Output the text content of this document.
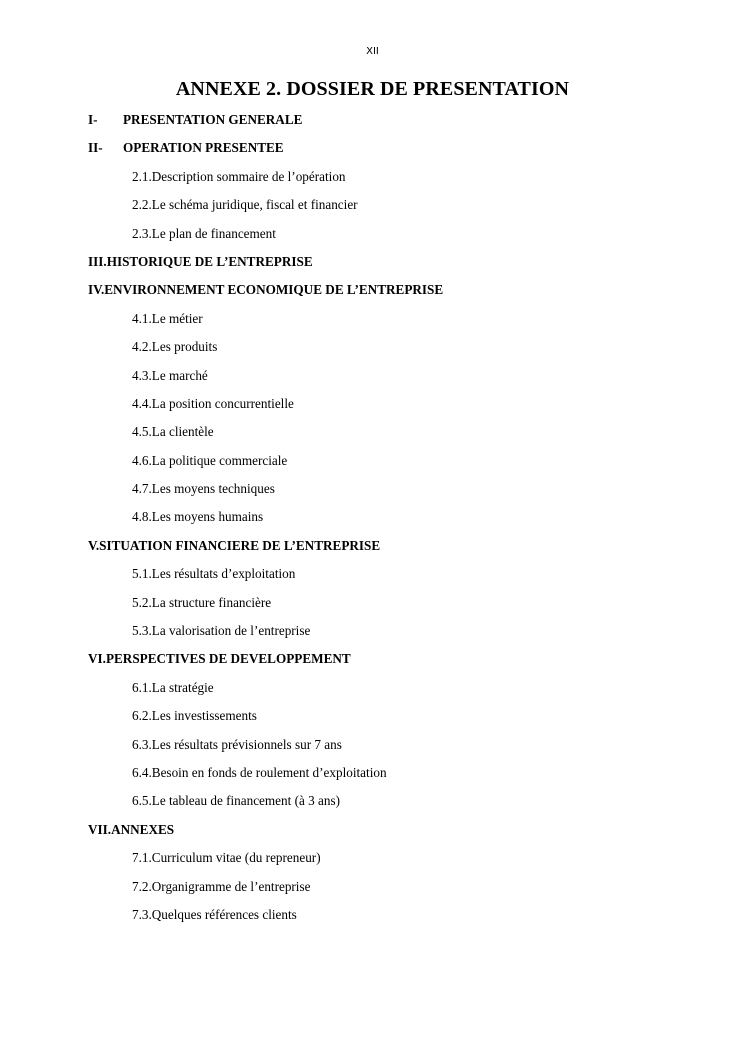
XII
ANNEXE 2. DOSSIER DE PRESENTATION
I- PRESENTATION GENERALE
II- OPERATION PRESENTEE
2.1.Description sommaire de l’opération
2.2.Le schéma juridique, fiscal et financier
2.3.Le plan de financement
III.HISTORIQUE DE L’ENTREPRISE
IV.ENVIRONNEMENT ECONOMIQUE DE L’ENTREPRISE
4.1.Le métier
4.2.Les produits
4.3.Le marché
4.4.La position concurrentielle
4.5.La clientèle
4.6.La politique commerciale
4.7.Les moyens techniques
4.8.Les moyens humains
V.SITUATION FINANCIERE DE L’ENTREPRISE
5.1.Les résultats d’exploitation
5.2.La structure financière
5.3.La valorisation de l’entreprise
VI.PERSPECTIVES DE DEVELOPPEMENT
6.1.La stratégie
6.2.Les investissements
6.3.Les résultats prévisionnels sur 7 ans
6.4.Besoin en fonds de roulement d’exploitation
6.5.Le tableau de financement (à 3 ans)
VII.ANNEXES
7.1.Curriculum vitae (du repreneur)
7.2.Organigramme de l’entreprise
7.3.Quelques références clients
